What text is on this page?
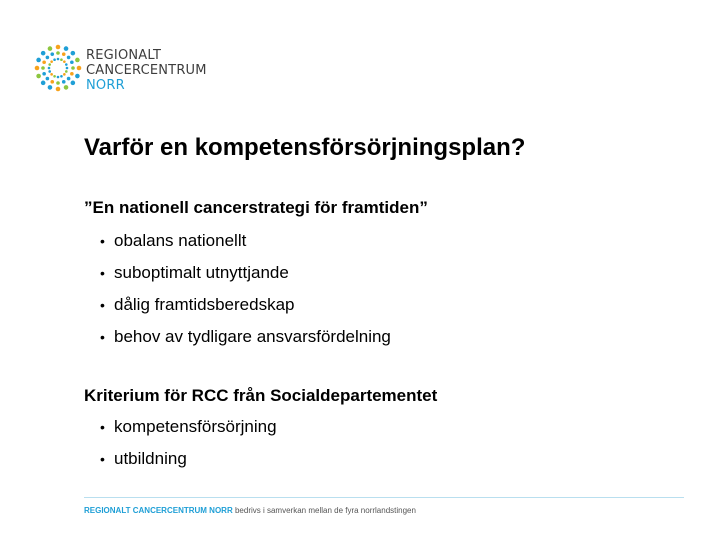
REGIONALT
CANCERCENTRUM
NORR
Varför en kompetensförsörjningsplan?
”En nationell cancerstrategi för framtiden”
• obalans nationellt
• suboptimalt utnyttjande
• dålig framtidsberedskap
• behov av tydligare ansvarsfördelning
Kriterium för RCC från Socialdepartementet
• kompetensförsörjning
• utbildning
REGIONALT CANCERCENTRUM NORR bedrivs i samverkan mellan de fyra norrlandstingen
